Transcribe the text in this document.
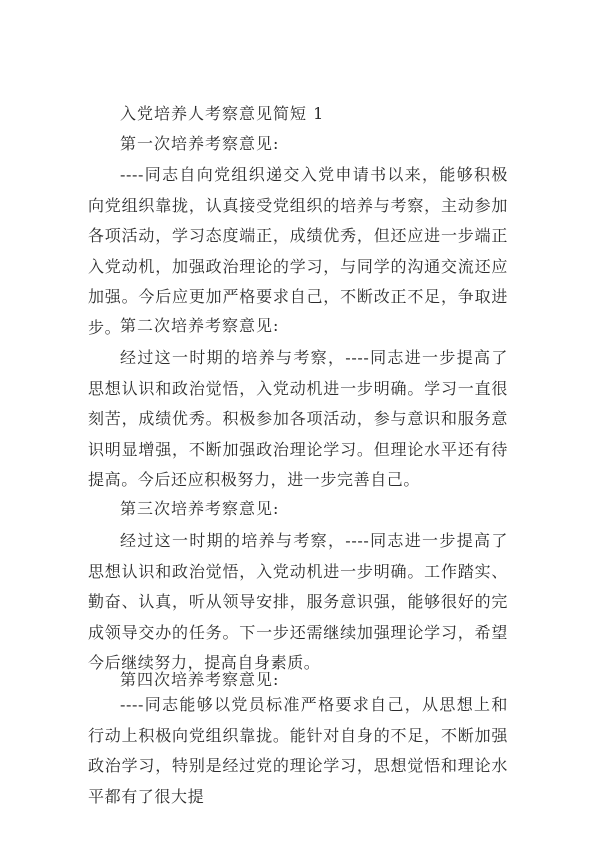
入党培养人考察意见简短 1
第一次培养考察意见:
----同志自向党组织递交入党申请书以来，能够积极向党组织靠拢，认真接受党组织的培养与考察，主动参加各项活动，学习态度端正，成绩优秀，但还应进一步端正入党动机，加强政治理论的学习，与同学的沟通交流还应加强。今后应更加严格要求自己，不断改正不足，争取进步。
第二次培养考察意见:
经过这一时期的培养与考察，----同志进一步提高了思想认识和政治觉悟，入党动机进一步明确。学习一直很刻苦，成绩优秀。积极参加各项活动，参与意识和服务意识明显增强，不断加强政治理论学习。但理论水平还有待提高。今后还应积极努力，进一步完善自己。
第三次培养考察意见:
经过这一时期的培养与考察，----同志进一步提高了思想认识和政治觉悟，入党动机进一步明确。工作踏实、勤奋、认真，听从领导安排，服务意识强，能够很好的完成领导交办的任务。下一步还需继续加强理论学习，希望今后继续努力，提高自身素质。
第四次培养考察意见:
----同志能够以党员标准严格要求自己，从思想上和行动上积极向党组织靠拢。能针对自身的不足，不断加强政治学习，特别是经过党的理论学习，思想觉悟和理论水平都有了很大提
